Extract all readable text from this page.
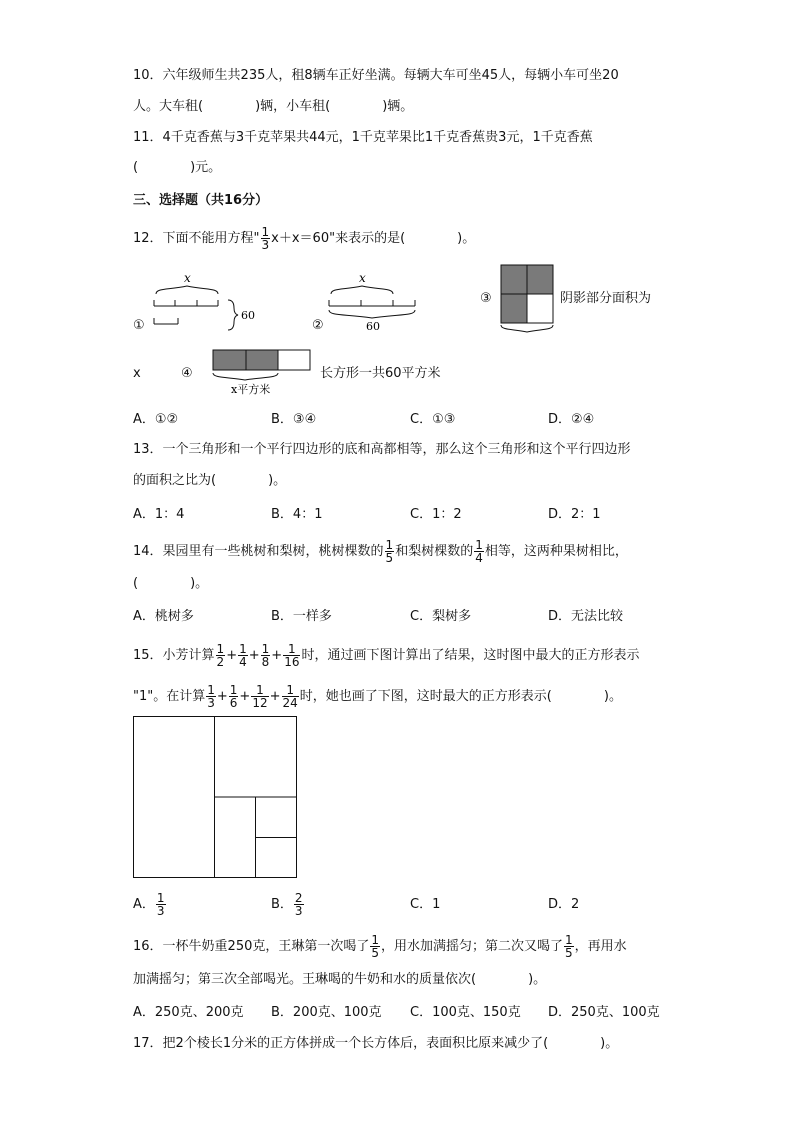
10．六年级师生共235人，租8辆车正好坐满。每辆大车可坐45人，每辆小车可坐20
人。大车租(	)辆，小车租(	)辆。
11．4千克香蕉与3千克苹果共44元，1千克苹果比1千克香蕉贵3元，1千克香蕉
(	)元。
三、选择题（共16分）
12．下面不能用方程" $\frac{1}{3} x+x=60$"来表示的是(	)。
①
x
60
②
x
60
③	阴影部分面积为
x	④
x平方米
长方形一共60平方米
A．①②	B．③④	C．①③	D．②④
13．一个三角形和一个平行四边形的底和高都相等，那么这个三角形和这个平行四边形
的面积之比为(	)。
A．1：4	B．4：1	C．1：2	D．2：1
14．果园里有一些桃树和梨树，桃树棵数的 $\frac{1}{5}$ 和梨树棵数的 $\frac{1}{4}$ 相等，这两种果树相比，
(	)。
A．桃树多	B．一样多	C．梨树多	D．无法比较
15．小芳计算 $\frac{1}{2} + \frac{1}{4} + \frac{1}{8} + \frac{1}{16}$ 时，通过画下图计算出了结果，这时图中最大的正方形表示
"1"。在计算 $\frac{1}{3} + \frac{1}{6} + \frac{1}{12} + \frac{1}{24}$ 时，她也画了下图，这时最大的正方形表示(	)。
A． $\frac{1}{3}$	B． $\frac{2}{3}$	C．1	D．2
16．一杯牛奶重250克，王琳第一次喝了 $\frac{1}{5}$ ，用水加满摇匀；第二次又喝了 $\frac{1}{5}$ ，再用水
加满摇匀；第三次全部喝光。王琳喝的牛奶和水的质量依次(	)。
A．250克、200克 B．200克、100克 C．100克、150克 D．250克、100克
17．把2个棱长1分米的正方体拼成一个长方体后，表面积比原来减少了(	)。
